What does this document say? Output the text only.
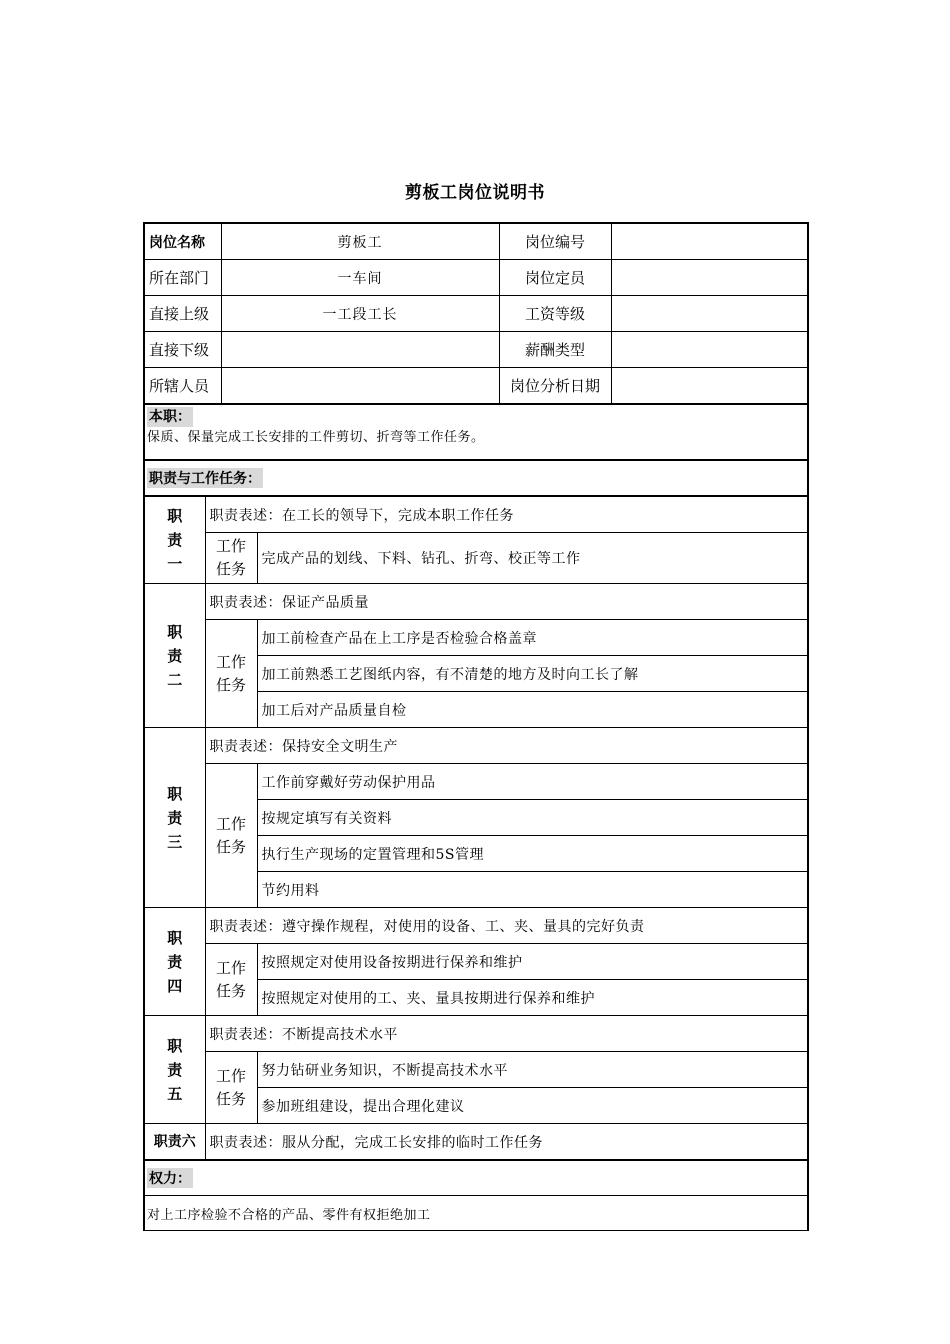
剪板工岗位说明书
岗位名称		剪板工		岗位编号	
所在部门		一车间		岗位定员	
直接上级		一工段工长		工资等级	
直接下级				薪酬类型	
所辖人员				岗位分析日期	

本职：
保质、保量完成工长安排的工件剪切、折弯等工作任务。					

职责与工作任务：					

职
责
一	职责表述：在工长的领导下，完成本职工作任务				

	工作
任务		完成产品的划线、下料、钻孔、折弯、校正等工作		

职
责
二	职责表述：保证产品质量				

	工作
任务		加工前检查产品在上工序是否检验合格盖章		
			加工前熟悉工艺图纸内容，有不清楚的地方及时向工长了解		
			加工后对产品质量自检		

职
责
三	职责表述：保持安全文明生产				

	工作
任务		工作前穿戴好劳动保护用品		
			按规定填写有关资料		
			执行生产现场的定置管理和5S管理		
			节约用料		

职
责
四	职责表述：遵守操作规程，对使用的设备、工、夹、量具的完好负责				

	工作
任务		按照规定对使用设备按期进行保养和维护		
			按照规定对使用的工、夹、量具按期进行保养和维护		

职
责
五	职责表述：不断提高技术水平				

	工作
任务		努力钻研业务知识，不断提高技术水平		
			参加班组建设，提出合理化建议		
职责六	职责表述：服从分配，完成工长安排的临时工作任务				
权力：					
对上工序检验不合格的产品、零件有权拒绝加工					
